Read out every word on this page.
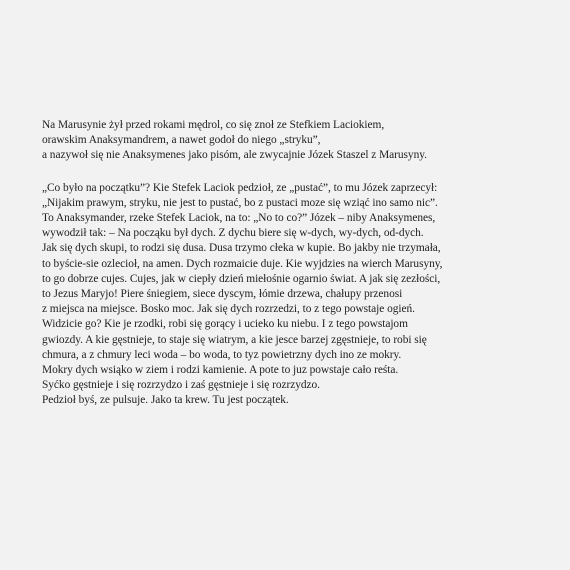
Na Marusynie żył przed rokami mędrol, co się znoł ze Stefkiem Laciokiem,
orawskim Anaksymandrem, a nawet godoł do niego „stryku”,
a nazywoł się nie Anaksymenes jako pisóm, ale zwycajnie Józek Staszel z Marusyny.
„Co było na początku”? Kie Stefek Laciok pedzioł, ze „pustać”, to mu Józek zaprzecył:
„Nijakim prawym, stryku, nie jest to pustać, bo z pustaci moze się wziąć ino samo nic”.
To Anaksymander, rzeke Stefek Laciok, na to: „No to co?” Józek – niby Anaksymenes,
wywodził tak: – Na począku był dych. Z dychu biere się w-dych, wy-dych, od-dych.
Jak się dych skupi, to rodzi się dusa. Dusa trzymo cłeka w kupie. Bo jakby nie trzymała,
to byście-sie ozlecioł, na amen. Dych rozmaicie duje. Kie wyjdzies na wierch Marusyny,
to go dobrze cujes. Cujes, jak w ciepły dzień miełośnie ogarnio świat. A jak się zezłości,
to Jezus Maryjo! Piere śniegiem, siece dyscym, łómie drzewa, chałupy przenosi
z miejsca na miejsce. Bosko moc. Jak się dych rozrzedzi, to z tego powstaje ogień.
Widzicie go? Kie je rzodki, robi się gorący i ucieko ku niebu. I z tego powstajom
gwiozdy. A kie gęstnieje, to staje się wiatrym, a kie jesce barzej zgęstnieje, to robi się
chmura, a z chmury leci woda – bo woda, to tyz powietrzny dych ino ze mokry.
Mokry dych wsiąko w ziem i rodzi kamienie. A pote to juz powstaje cało reśta.
Syćko gęstnieje i się rozrzydzo i zaś gęstnieje i się rozrzydzo.
Pedzioł byś, ze pulsuje. Jako ta krew. Tu jest początek.
